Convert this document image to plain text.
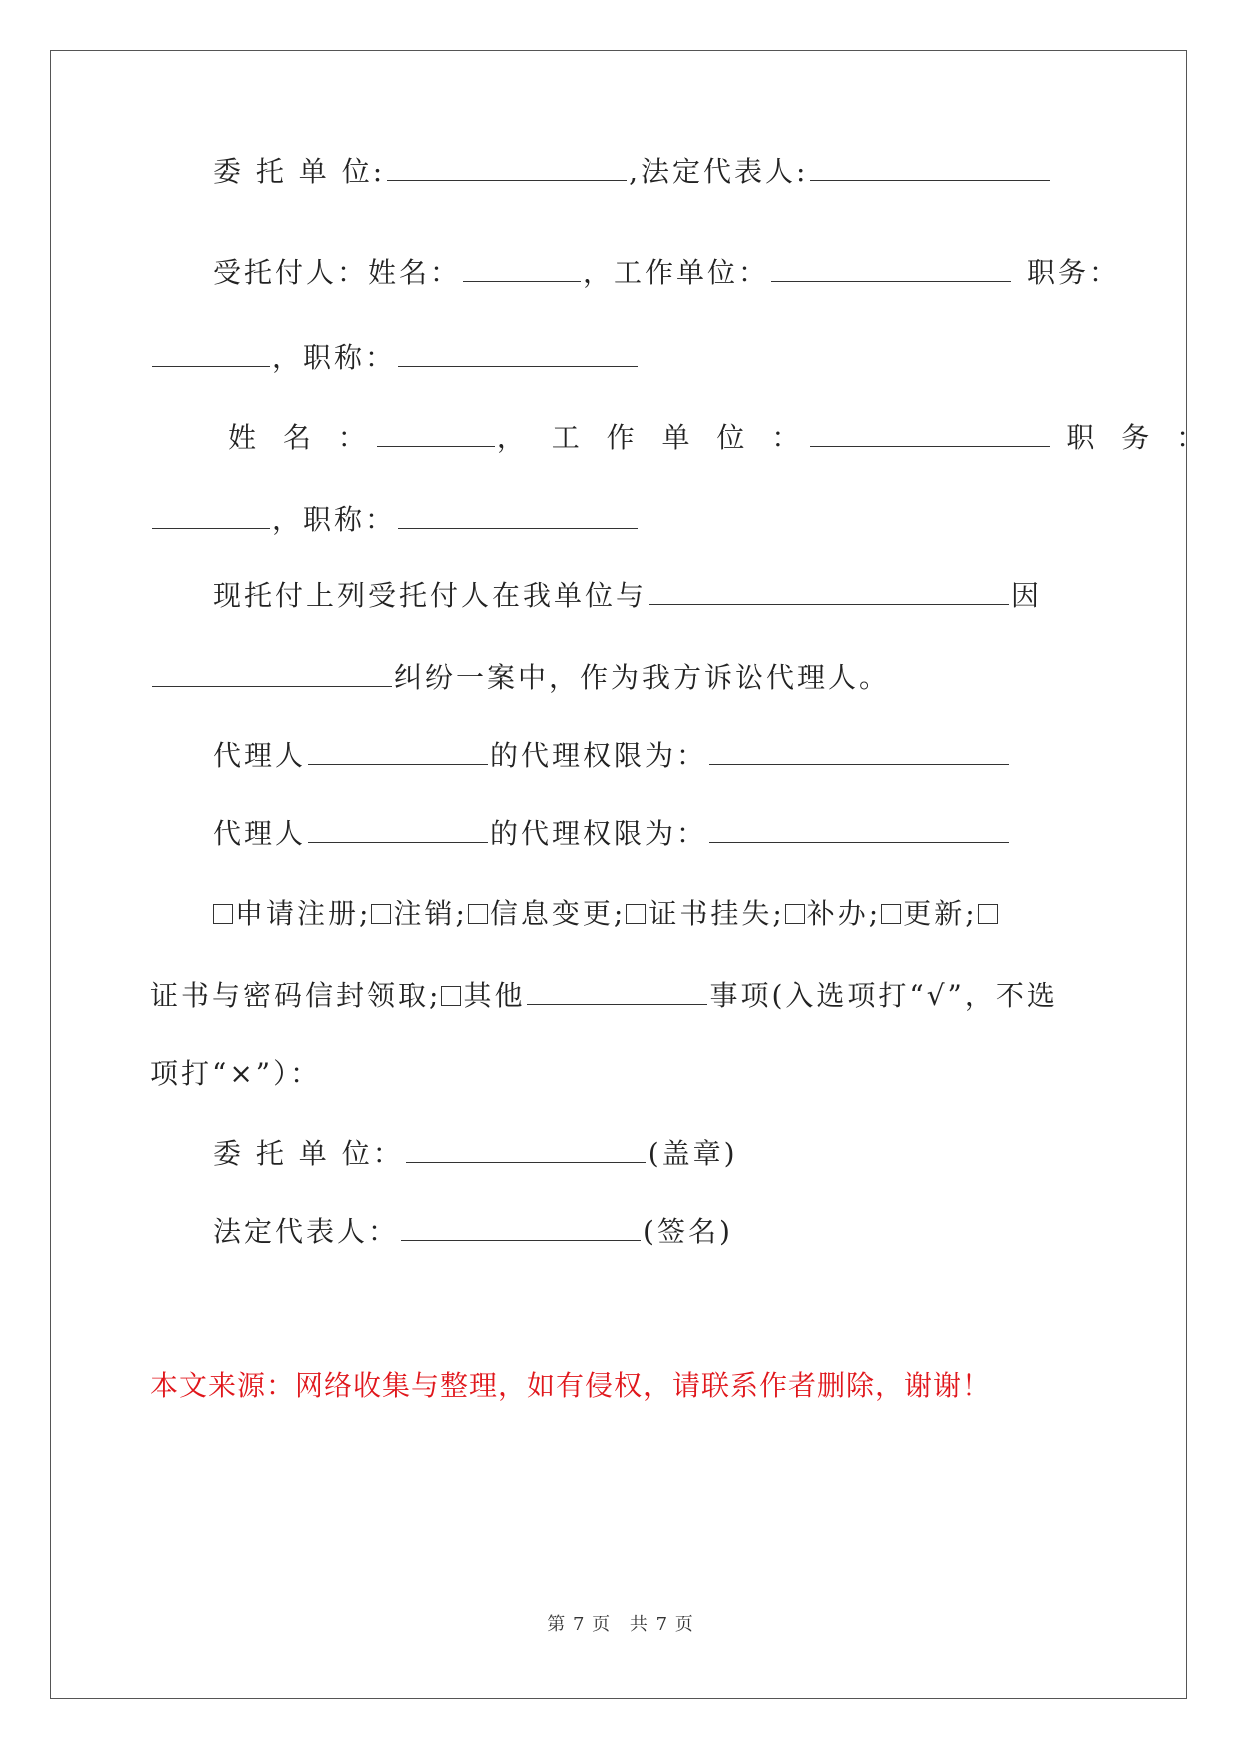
委 托 单 位:	,法定代表人:
受托付人：姓名：	，工作单位：	职务：
，职称：
姓 名 ：	， 工 作 单 位 ：	职 务 ：
，职称：
现托付上列受托付人在我单位与	因
纠纷一案中，作为我方诉讼代理人。
代理人	的代理权限为：
代理人	的代理权限为：
申请注册; 注销; 信息变更; 证书挂失; 补办; 更新;
证书与密码信封领取; 其他	事项(入选项打“√”，不选
项打“×”）：
委 托 单 位：	(盖章)
法定代表人：	(签名)
本文来源：网络收集与整理，如有侵权，请联系作者删除，谢谢！
第 7 页 共 7 页
